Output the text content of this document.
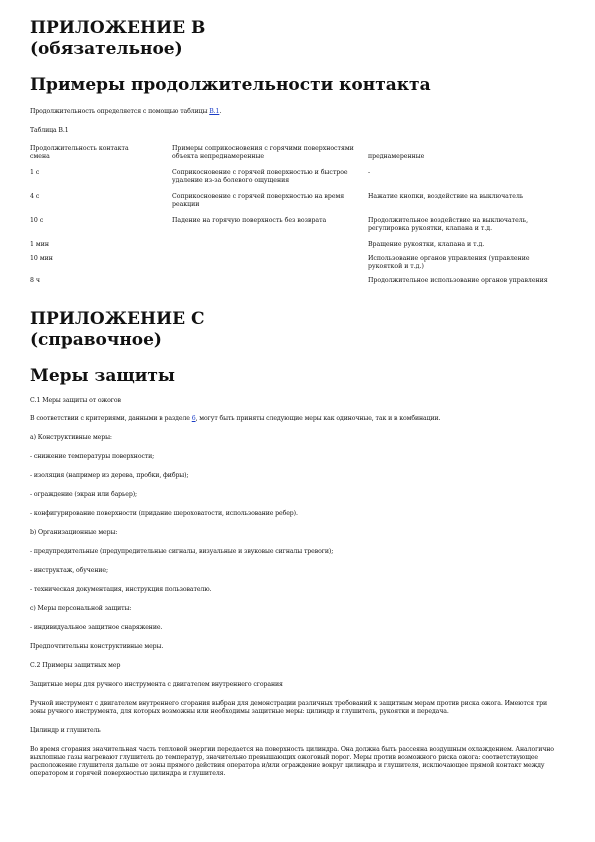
ПРИЛОЖЕНИЕ В
(обязательное)
Примеры продолжительности контакта

Продолжительность определяется с помощью таблицы В.1.

Таблица В.1

Продолжительность контакта смена	Примеры соприкосновения с горячими поверхностями объекта непреднамеренные	преднамеренные
1 с	Соприкосновение с горячей поверхностью и быстрое удаление из-за болевого ощущения	-
4 с	Соприкосновение с горячей поверхностью на время реакции	Нажатие кнопки, воздействие на выключатель
10 с	Падение на горячую поверхность без возврата	Продолжительное воздействие на выключатель, регулировка рукоятки, клапана и т.д.
1 мин		Вращение рукоятки, клапана и т.д.
10 мин		Использование органов управления (управление рукояткой и т.д.)
8 ч		Продолжительное использование органов управления
ПРИЛОЖЕНИЕ С
(справочное)
Меры защиты

С.1 Меры защиты от ожогов

В соответствии с критериями, данными в разделе 6, могут быть приняты следующие меры как одиночные, так и в комбинации.

а) Конструктивные меры:

- снижение температуры поверхности;

- изоляция (например из дерева, пробки, фибры);

- ограждение (экран или барьер);

- конфигурирование поверхности (придание шероховатости, использование ребер).

b) Организационные меры:

- предупредительные (предупредительные сигналы, визуальные и звуковые сигналы тревоги);

- инструктаж, обучение;

- техническая документация, инструкция пользователю.

с) Меры персональной защиты:

- индивидуальное защитное снаряжение.

Предпочтительны конструктивные меры.

С.2 Примеры защитных мер

Защитные меры для ручного инструмента с двигателем внутреннего сгорания

Ручной инструмент с двигателем внутреннего сгорания выбран для демонстрации различных требований к защитным мерам против риска ожога. Имеются три зоны ручного инструмента, для которых возможны или необходимы защитные меры: цилиндр и глушитель, рукоятки и передача.

Цилиндр и глушитель

Во время сгорания значительная часть тепловой энергии передается на поверхность цилиндра. Она должна быть рассеяна воздушным охлаждением. Аналогично выхлопные газы нагревают глушитель до температур, значительно превышающих ожоговый порог. Меры против возможного риска ожога: соответствующее расположение глушителя дальше от зоны прямого действия оператора и/или ограждение вокруг цилиндра и глушителя, исключающее прямой контакт между оператором и горячей поверхностью цилиндра и глушителя.
